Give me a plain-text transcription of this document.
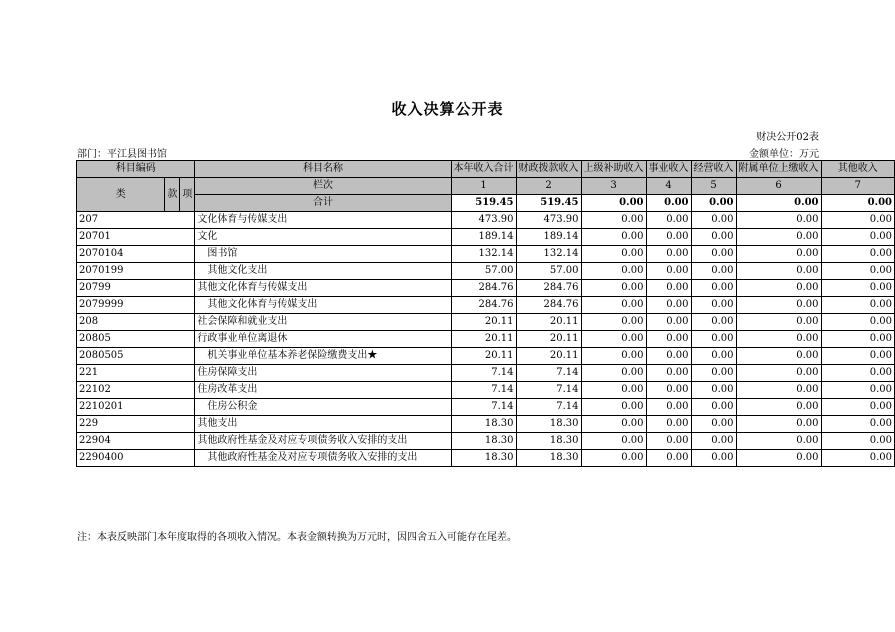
收入决算公开表
财决公开02表
部门：平江县图书馆	金额单位：万元
科目编码			科目名称	本年收入合计	财政拨款收入	上级补助收入	事业收入	经营收入	附属单位上缴收入	其他收入
类	款	项	栏次	1	2	3	4	5	6	7
			合计	519.45	519.45	0.00	0.00	0.00	0.00	0.00
207			文化体育与传媒支出	473.90	473.90	0.00	0.00	0.00	0.00	0.00
20701			文化	189.14	189.14	0.00	0.00	0.00	0.00	0.00
2070104			图书馆	132.14	132.14	0.00	0.00	0.00	0.00	0.00
2070199			其他文化支出	57.00	57.00	0.00	0.00	0.00	0.00	0.00
20799			其他文化体育与传媒支出	284.76	284.76	0.00	0.00	0.00	0.00	0.00
2079999			其他文化体育与传媒支出	284.76	284.76	0.00	0.00	0.00	0.00	0.00
208			社会保障和就业支出	20.11	20.11	0.00	0.00	0.00	0.00	0.00
20805			行政事业单位离退休	20.11	20.11	0.00	0.00	0.00	0.00	0.00
2080505			机关事业单位基本养老保险缴费支出★	20.11	20.11	0.00	0.00	0.00	0.00	0.00
221			住房保障支出	7.14	7.14	0.00	0.00	0.00	0.00	0.00
22102			住房改革支出	7.14	7.14	0.00	0.00	0.00	0.00	0.00
2210201			住房公积金	7.14	7.14	0.00	0.00	0.00	0.00	0.00
229			其他支出	18.30	18.30	0.00	0.00	0.00	0.00	0.00
22904			其他政府性基金及对应专项债务收入安排的支出	18.30	18.30	0.00	0.00	0.00	0.00	0.00
2290400			其他政府性基金及对应专项债务收入安排的支出	18.30	18.30	0.00	0.00	0.00	0.00	0.00
注：本表反映部门本年度取得的各项收入情况。本表金额转换为万元时，因四舍五入可能存在尾差。
